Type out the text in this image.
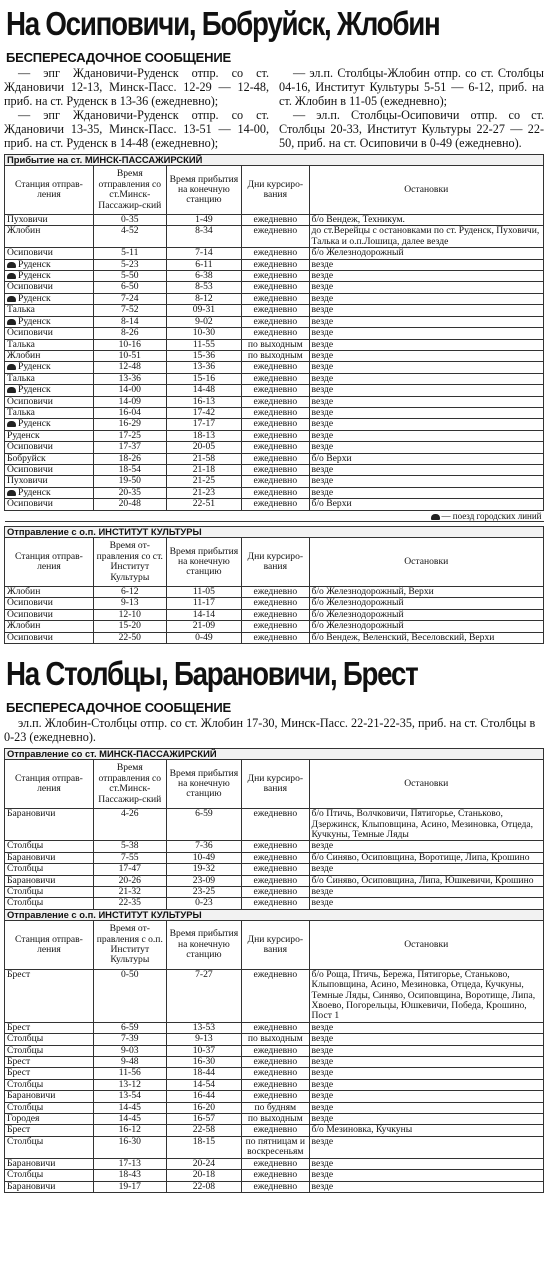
На Осиповичи, Бобруйск, Жлобин
БЕСПЕРЕСАДОЧНОЕ СООБЩЕНИЕ

— эпг Ждановичи-Руденск отпр. со ст. Ждановичи 12-13, Минск-Пасс. 12-29 — 12-48, приб. на ст. Руденск в 13-36 (ежедневно);

— эпг Ждановичи-Руденск отпр. со ст. Ждановичи 13-35, Минск-Пасс. 13-51 — 14-00, приб. на ст. Руденск в 14-48 (ежедневно);

— эл.п. Столбцы-Жлобин отпр. со ст. Столбцы 04-16, Институт Культуры 5-51 — 6-12, приб. на ст. Жлобин в 11-05 (ежедневно);

— эл.п. Столбцы-Осиповичи отпр. со ст. Столбцы 20-33, Институт Культуры 22-27 — 22-50, приб. на ст. Осиповичи в 0-49 (ежедневно).

Прибытие на ст. МИНСК-ПАССАЖИРСКИЙ				
Станция отправ-ления	Время отправления со ст.Минск-Пассажир-ский	Время прибытия на конечную станцию	Дни курсиро-вания	Остановки
Пуховичи	0-35	1-49	ежедневно	б/о Вендеж, Техникум.
Жлобин	4-52	8-34	ежедневно	до ст.Верейцы с остановками по ст. Руденск, Пуховичи, Талька и о.п.Лошица, далее везде
Осиповичи	5-11	7-14	ежедневно	б/о Железнодорожный
Руденск	5-23	6-11	ежедневно	везде
Руденск	5-50	6-38	ежедневно	везде
Осиповичи	6-50	8-53	ежедневно	везде
Руденск	7-24	8-12	ежедневно	везде
Талька	7-52	09-31	ежедневно	везде
Руденск	8-14	9-02	ежедневно	везде
Осиповичи	8-26	10-30	ежедневно	везде
Талька	10-16	11-55	по выходным	везде
Жлобин	10-51	15-36	по выходным	везде
Руденск	12-48	13-36	ежедневно	везде
Талька	13-36	15-16	ежедневно	везде
Руденск	14-00	14-48	ежедневно	везде
Осиповичи	14-09	16-13	ежедневно	везде
Талька	16-04	17-42	ежедневно	везде
Руденск	16-29	17-17	ежедневно	везде
Руденск	17-25	18-13	ежедневно	везде
Осиповичи	17-37	20-05	ежедневно	везде
Бобруйск	18-26	21-58	ежедневно	б/о Верхи
Осиповичи	18-54	21-18	ежедневно	везде
Пуховичи	19-50	21-25	ежедневно	везде
Руденск	20-35	21-23	ежедневно	везде
Осиповичи	20-48	22-51	ежедневно	б/о Верхи
— поезд городских линий				
Отправление с о.п. ИНСТИТУТ КУЛЬТУРЫ				
Станция отправ-ления	Время от-правления со ст. Институт Культуры	Время прибытия на конечную станцию	Дни курсиро-вания	Остановки
Жлобин	6-12	11-05	ежедневно	б/о Железнодорожный, Верхи
Осиповичи	9-13	11-17	ежедневно	б/о Железнодорожный
Осиповичи	12-10	14-14	ежедневно	б/о Железнодорожный
Жлобин	15-20	21-09	ежедневно	б/о Железнодорожный
Осиповичи	22-50	0-49	ежедневно	б/о Вендеж, Веленский, Веселовский, Верхи
На Столбцы, Барановичи, Брест
БЕСПЕРЕСАДОЧНОЕ СООБЩЕНИЕ

эл.п. Жлобин-Столбцы отпр. со ст. Жлобин 17-30, Минск-Пасс. 22-21-22-35, приб. на ст. Столбцы в 0-23 (ежедневно).

Отправление со ст. МИНСК-ПАССАЖИРСКИЙ				
Станция отправ-ления	Время отправления со ст.Минск-Пассажир-ский	Время прибытия на конечную станцию	Дни курсиро-вания	Остановки
Барановичи	4-26	6-59	ежедневно	б/о Птичь, Волчковичи, Пятигорье, Станьково, Дзержинск, Клыповщина, Асино, Мезиновка, Отцеда, Кучкуны, Темные Ляды
Столбцы	5-38	7-36	ежедневно	везде
Барановичи	7-55	10-49	ежедневно	б/о Синяво, Осиповщина, Воротище, Липа, Крошино
Столбцы	17-47	19-32	ежедневно	везде
Барановичи	20-26	23-09	ежедневно	б/о Синяво, Осиповщина, Липа, Юшкевичи, Крошино
Столбцы	21-32	23-25	ежедневно	везде
Столбцы	22-35	0-23	ежедневно	везде
Отправление с о.п. ИНСТИТУТ КУЛЬТУРЫ				
Станция отправ-ления	Время от-правления с о.п. Институт Культуры	Время прибытия на конечную станцию	Дни курсиро-вания	Остановки
Брест	0-50	7-27	ежедневно	б/о Роща, Птичь, Бережа, Пятигорье, Станьково, Клыповщина, Асино, Мезиновка, Отцеда, Кучкуны, Темные Ляды, Синяво, Осиповщина, Воротище, Липа, Хвоево, Погорельцы, Юшкевичи, Победа, Крошино, Пост 1
Брест	6-59	13-53	ежедневно	везде
Столбцы	7-39	9-13	по выходным	везде
Столбцы	9-03	10-37	ежедневно	везде
Брест	9-48	16-30	ежедневно	везде
Брест	11-56	18-44	ежедневно	везде
Столбцы	13-12	14-54	ежедневно	везде
Барановичи	13-54	16-44	ежедневно	везде
Столбцы	14-45	16-20	по будням	везде
Городея	14-45	16-57	по выходным	везде
Брест	16-12	22-58	ежедневно	б/о Мезиновка, Кучкуны
Столбцы	16-30	18-15	по пятницам и воскресеньям	везде
Барановичи	17-13	20-24	ежедневно	везде
Столбцы	18-43	20-18	ежедневно	везде
Барановичи	19-17	22-08	ежедневно	везде
